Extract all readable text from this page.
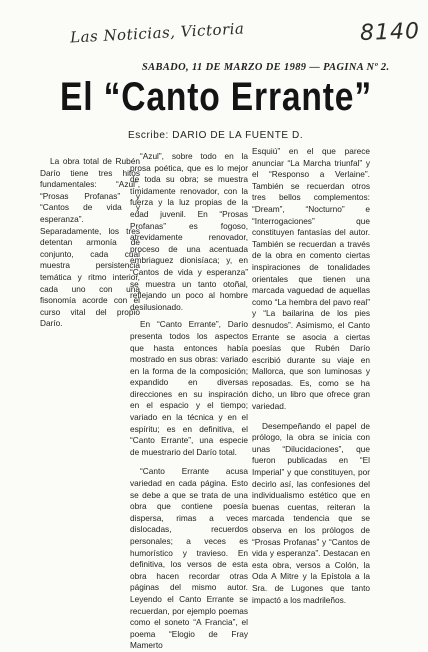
Las Noticias, Victoria	8140
SABADO, 11 DE MARZO DE 1989 — PAGINA Nº 2.
El “Canto Errante”
Escribe: DARIO DE LA FUENTE D.

La obra total de Rubén Darío tiene tres hitos fundamentales: “Azul”, “Prosas Profanas” y “Cantos de vida y esperanza”. Separadamente, los tres detentan armonía de conjunto, cada cual muestra persistencia temática y ritmo interior, cada uno con una fisonomía acorde con el curso vital del propio Darío.

“Azul”, sobre todo en la prosa poética, que es lo mejor de toda su obra; se muestra tímidamente renovador, con la fuerza y la luz propias de la edad juvenil. En “Prosas Profanas” es fogoso, atrevidamente renovador, proceso de una acentuada embriaguez dionisíaca; y, en “Cantos de vida y esperanza” se muestra un tanto otoñal, reflejando un poco al hombre desilusionado.

En “Canto Errante”, Darío presenta todos los aspectos que hasta entonces había mostrado en sus obras: variado en la forma de la composición; expandido en diversas direcciones en su inspiración en el espacio y el tiempo; variado en la técnica y en el espíritu; es en definitiva, el “Canto Errante”, una especie de muestrario del Darío total.

“Canto Errante acusa variedad en cada página. Esto se debe a que se trata de una obra que contiene poesía dispersa, rimas a veces dislocadas, recuerdos personales; a veces es humorístico y travieso. En definitiva, los versos de esta obra hacen recordar otras páginas del mismo autor. Leyendo el Canto Errante se recuerdan, por ejemplo poemas como el soneto “A Francia”, el poema “Elogio de Fray Mamerto

Esquiú” en el que parece anunciar “La Marcha triunfal” y el “Responso a Verlaine”. También se recuerdan otros tres bellos complementos: “Dream”, “Nocturno” e “Interrogaciones” que constituyen fantasías del autor. También se recuerdan a través de la obra en comento ciertas inspiraciones de tonalidades orientales que tienen una marcada vaguedad de aquellas como “La hembra del pavo real” y “La bailarina de los pies desnudos”. Asimismo, el Canto Errante se asocia a ciertas poesías que Rubén Darío escribió durante su viaje en Mallorca, que son luminosas y reposadas. Es, como se ha dicho, un libro que ofrece gran variedad.

Desempeñando el papel de prólogo, la obra se inicia con unas “Dilucidaciones”, que fueron publicadas en “El Imperial” y que constituyen, por decirlo así, las confesiones del individualismo estético que en buenas cuentas, reiteran la marcada tendencia que se observa en los prólogos de “Prosas Profanas” y “Cantos de vida y esperanza”. Destacan en esta obra, versos a Colón, la Oda A Mitre y la Epístola a la Sra. de Lugones que tanto impactó a los madrileños.
